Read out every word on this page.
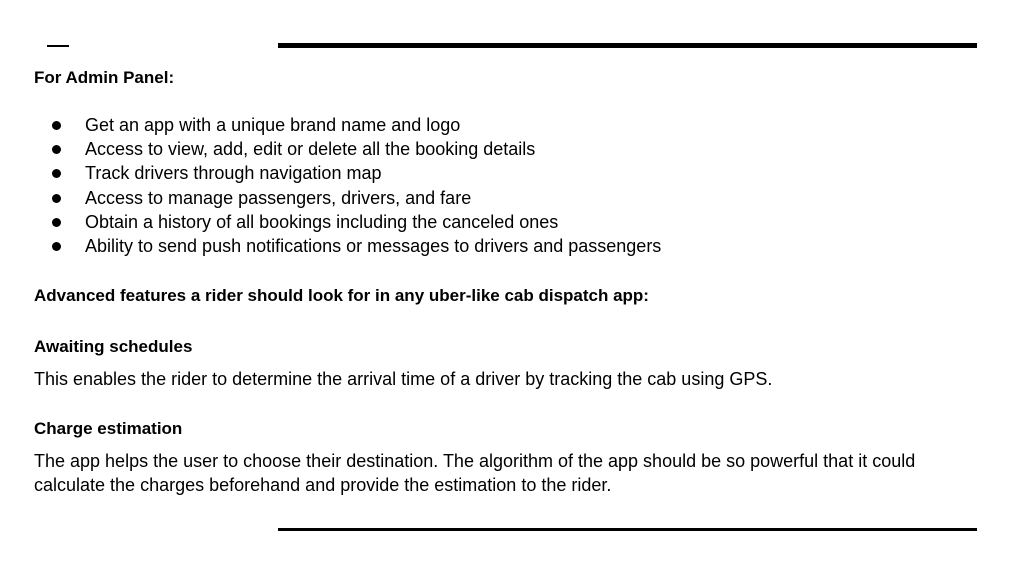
For Admin Panel:
Get an app with a unique brand name and logo
Access to view, add, edit or delete all the booking details
Track drivers through navigation map
Access to manage passengers, drivers, and fare
Obtain a history of all bookings including the canceled ones
Ability to send push notifications or messages to drivers and passengers
Advanced features a rider should look for in any uber-like cab dispatch app:
Awaiting schedules

This enables the rider to determine the arrival time of a driver by tracking the cab using GPS.

Charge estimation

The app helps the user to choose their destination. The algorithm of the app should be so powerful that it could calculate the charges beforehand and provide the estimation to the rider.
